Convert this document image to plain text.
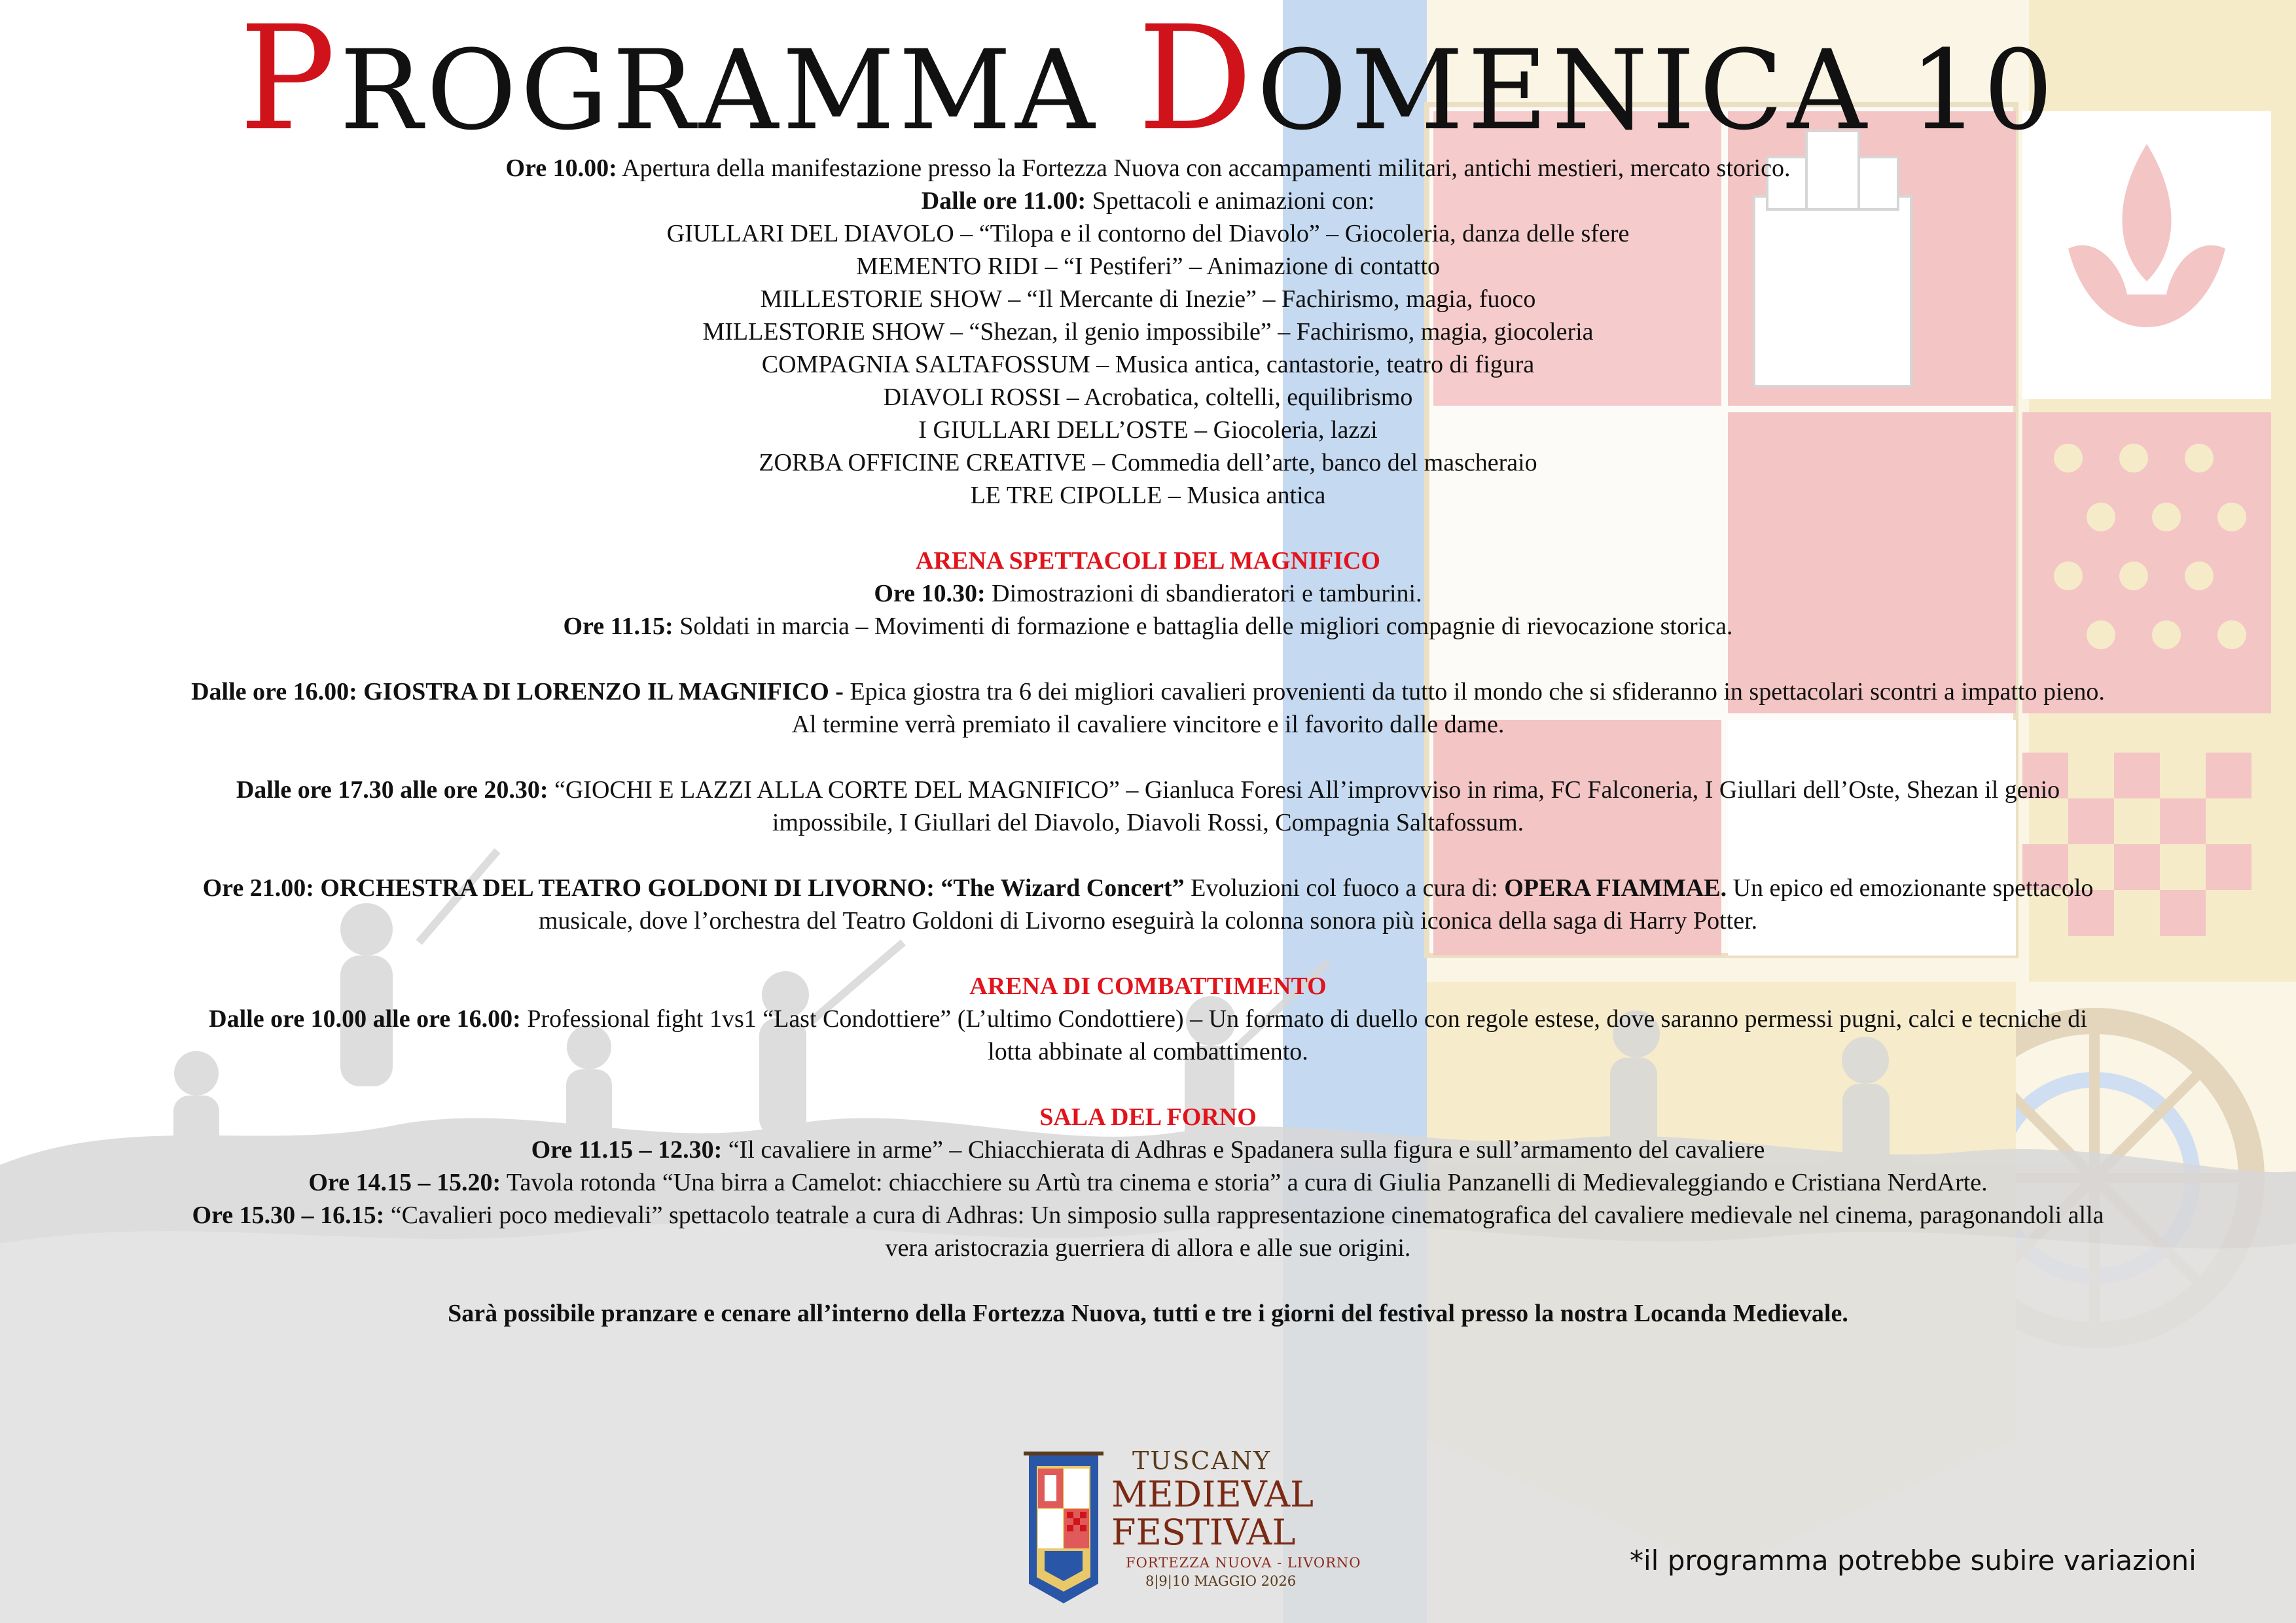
PROGRAMMA DOMENICA 10

Ore 10.00: Apertura della manifestazione presso la Fortezza Nuova con accampamenti militari, antichi mestieri, mercato storico.

Dalle ore 11.00: Spettacoli e animazioni con:

GIULLARI DEL DIAVOLO – “Tilopa e il contorno del Diavolo” – Giocoleria, danza delle sfere

MEMENTO RIDI – “I Pestiferi” – Animazione di contatto

MILLESTORIE SHOW – “Il Mercante di Inezie” – Fachirismo, magia, fuoco

MILLESTORIE SHOW – “Shezan, il genio impossibile” – Fachirismo, magia, giocoleria

COMPAGNIA SALTAFOSSUM – Musica antica, cantastorie, teatro di figura

DIAVOLI ROSSI – Acrobatica, coltelli, equilibrismo

I GIULLARI DELL’OSTE – Giocoleria, lazzi

ZORBA OFFICINE CREATIVE – Commedia dell’arte, banco del mascheraio

LE TRE CIPOLLE – Musica antica

ARENA SPETTACOLI DEL MAGNIFICO

Ore 10.30: Dimostrazioni di sbandieratori e tamburini.

Ore 11.15: Soldati in marcia – Movimenti di formazione e battaglia delle migliori compagnie di rievocazione storica.

Dalle ore 16.00: GIOSTRA DI LORENZO IL MAGNIFICO - Epica giostra tra 6 dei migliori cavalieri provenienti da tutto il mondo che si sfideranno in spettacolari scontri a impatto pieno.

Al termine verrà premiato il cavaliere vincitore e il favorito dalle dame.

Dalle ore 17.30 alle ore 20.30: “GIOCHI E LAZZI ALLA CORTE DEL MAGNIFICO” – Gianluca Foresi All’improvviso in rima, FC Falconeria, I Giullari dell’Oste, Shezan il genio

impossibile, I Giullari del Diavolo, Diavoli Rossi, Compagnia Saltafossum.

Ore 21.00: ORCHESTRA DEL TEATRO GOLDONI DI LIVORNO: “The Wizard Concert” Evoluzioni col fuoco a cura di: OPERA FIAMMAE. Un epico ed emozionante spettacolo

musicale, dove l’orchestra del Teatro Goldoni di Livorno eseguirà la colonna sonora più iconica della saga di Harry Potter.

ARENA DI COMBATTIMENTO

Dalle ore 10.00 alle ore 16.00: Professional fight 1vs1 “Last Condottiere” (L’ultimo Condottiere) – Un formato di duello con regole estese, dove saranno permessi pugni, calci e tecniche di

lotta abbinate al combattimento.

SALA DEL FORNO

Ore 11.15 – 12.30: “Il cavaliere in arme” – Chiacchierata di Adhras e Spadanera sulla figura e sull’armamento del cavaliere

Ore 14.15 – 15.20: Tavola rotonda “Una birra a Camelot: chiacchiere su Artù tra cinema e storia” a cura di Giulia Panzanelli di Medievaleggiando e Cristiana NerdArte.

Ore 15.30 – 16.15: “Cavalieri poco medievali” spettacolo teatrale a cura di Adhras: Un simposio sulla rappresentazione cinematografica del cavaliere medievale nel cinema, paragonandoli alla

vera aristocrazia guerriera di allora e alle sue origini.

Sarà possibile pranzare e cenare all’interno della Fortezza Nuova, tutti e tre i giorni del festival presso la nostra Locanda Medievale.

TUSCANY
MEDIEVAL
FESTIVAL
FORTEZZA NUOVA - LIVORNO
8|9|10 MAGGIO 2026
*il programma potrebbe subire variazioni
